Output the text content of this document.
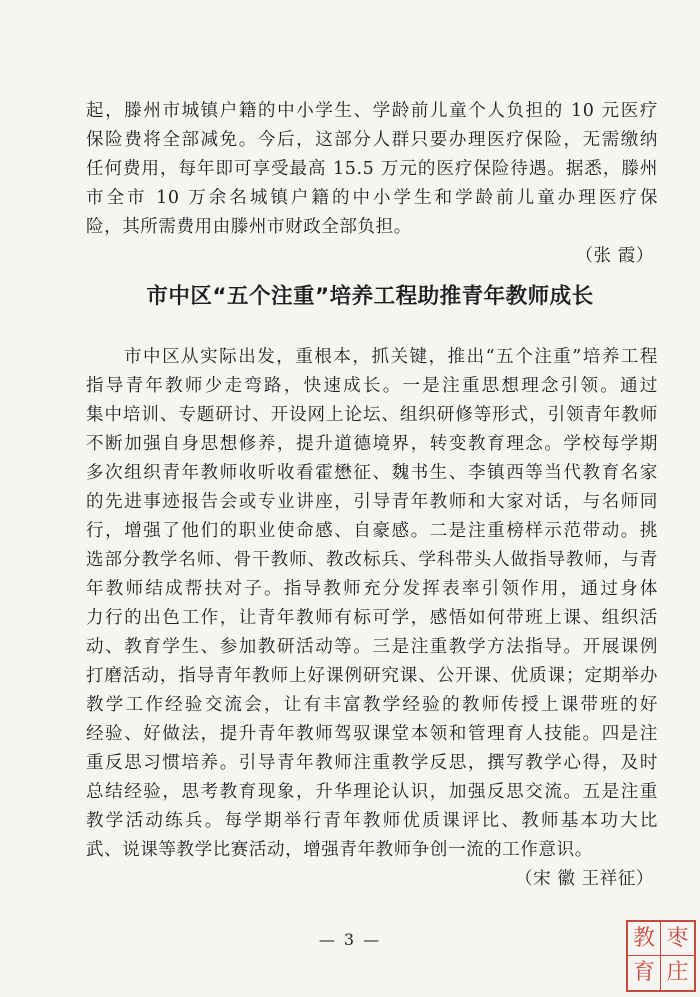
起，滕州市城镇户籍的中小学生、学龄前儿童个人负担的 10 元医疗
保险费将全部减免。今后，这部分人群只要办理医疗保险，无需缴纳
任何费用，每年即可享受最高 15.5 万元的医疗保险待遇。据悉，滕州
市全市 10 万余名城镇户籍的中小学生和学龄前儿童办理医疗保
险，其所需费用由滕州市财政全部负担。
（张 霞）
市中区“五个注重”培养工程助推青年教师成长
市中区从实际出发，重根本，抓关键，推出“五个注重”培养工程
指导青年教师少走弯路，快速成长。一是注重思想理念引领。通过
集中培训、专题研讨、开设网上论坛、组织研修等形式，引领青年教师
不断加强自身思想修养，提升道德境界，转变教育理念。学校每学期
多次组织青年教师收听收看霍懋征、魏书生、李镇西等当代教育名家
的先进事迹报告会或专业讲座，引导青年教师和大家对话，与名师同
行，增强了他们的职业使命感、自豪感。二是注重榜样示范带动。挑
选部分教学名师、骨干教师、教改标兵、学科带头人做指导教师，与青
年教师结成帮扶对子。指导教师充分发挥表率引领作用，通过身体
力行的出色工作，让青年教师有标可学，感悟如何带班上课、组织活
动、教育学生、参加教研活动等。三是注重教学方法指导。开展课例
打磨活动，指导青年教师上好课例研究课、公开课、优质课；定期举办
教学工作经验交流会，让有丰富教学经验的教师传授上课带班的好
经验、好做法，提升青年教师驾驭课堂本领和管理育人技能。四是注
重反思习惯培养。引导青年教师注重教学反思，撰写教学心得，及时
总结经验，思考教育现象，升华理论认识，加强反思交流。五是注重
教学活动练兵。每学期举行青年教师优质课评比、教师基本功大比
武、说课等教学比赛活动，增强青年教师争创一流的工作意识。
（宋 徽 王祥征）
— 3 —	教 枣
育 庄
